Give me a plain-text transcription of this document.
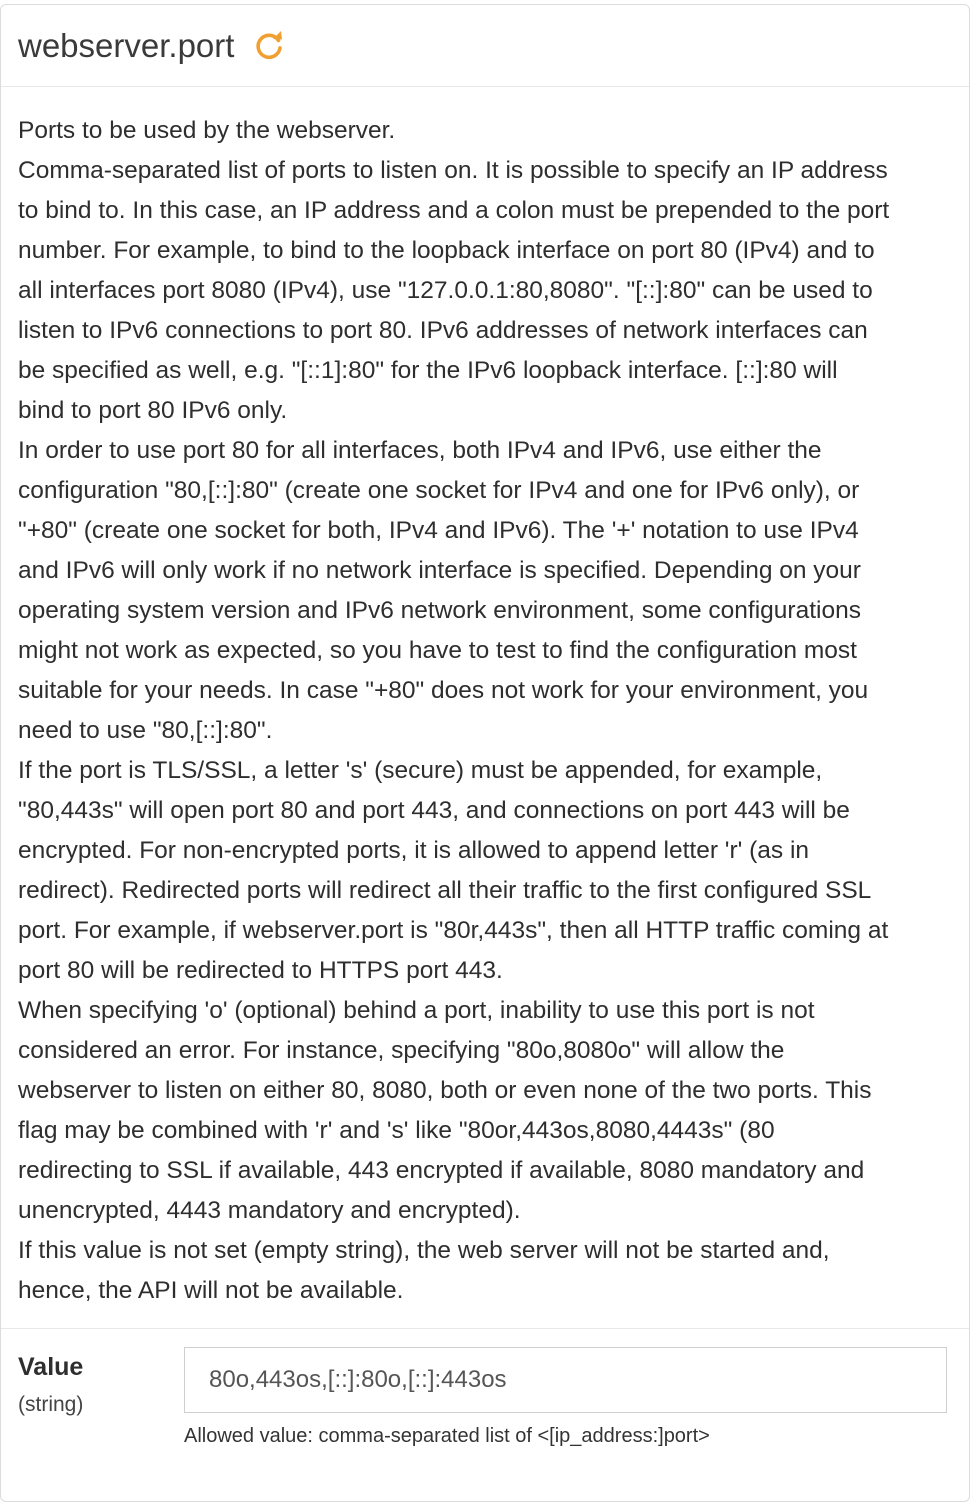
webserver.port

Ports to be used by the webserver.

Comma-separated list of ports to listen on. It is possible to specify an IP address

to bind to. In this case, an IP address and a colon must be prepended to the port

number. For example, to bind to the loopback interface on port 80 (IPv4) and to

all interfaces port 8080 (IPv4), use "127.0.0.1:80,8080". "[::]:80" can be used to

listen to IPv6 connections to port 80. IPv6 addresses of network interfaces can

be specified as well, e.g. "[::1]:80" for the IPv6 loopback interface. [::]:80 will

bind to port 80 IPv6 only.

In order to use port 80 for all interfaces, both IPv4 and IPv6, use either the

configuration "80,[::]:80" (create one socket for IPv4 and one for IPv6 only), or

"+80" (create one socket for both, IPv4 and IPv6). The '+' notation to use IPv4

and IPv6 will only work if no network interface is specified. Depending on your

operating system version and IPv6 network environment, some configurations

might not work as expected, so you have to test to find the configuration most

suitable for your needs. In case "+80" does not work for your environment, you

need to use "80,[::]:80".

If the port is TLS/SSL, a letter 's' (secure) must be appended, for example,

"80,443s" will open port 80 and port 443, and connections on port 443 will be

encrypted. For non-encrypted ports, it is allowed to append letter 'r' (as in

redirect). Redirected ports will redirect all their traffic to the first configured SSL

port. For example, if webserver.port is "80r,443s", then all HTTP traffic coming at

port 80 will be redirected to HTTPS port 443.

When specifying 'o' (optional) behind a port, inability to use this port is not

considered an error. For instance, specifying "80o,8080o" will allow the

webserver to listen on either 80, 8080, both or even none of the two ports. This

flag may be combined with 'r' and 's' like "80or,443os,8080,4443s" (80

redirecting to SSL if available, 443 encrypted if available, 8080 mandatory and

unencrypted, 4443 mandatory and encrypted).

If this value is not set (empty string), the web server will not be started and,

hence, the API will not be available.

Value
(string)
80o,443os,[::]:80o,[::]:443os
Allowed value: comma-separated list of <[ip_address:]port>
